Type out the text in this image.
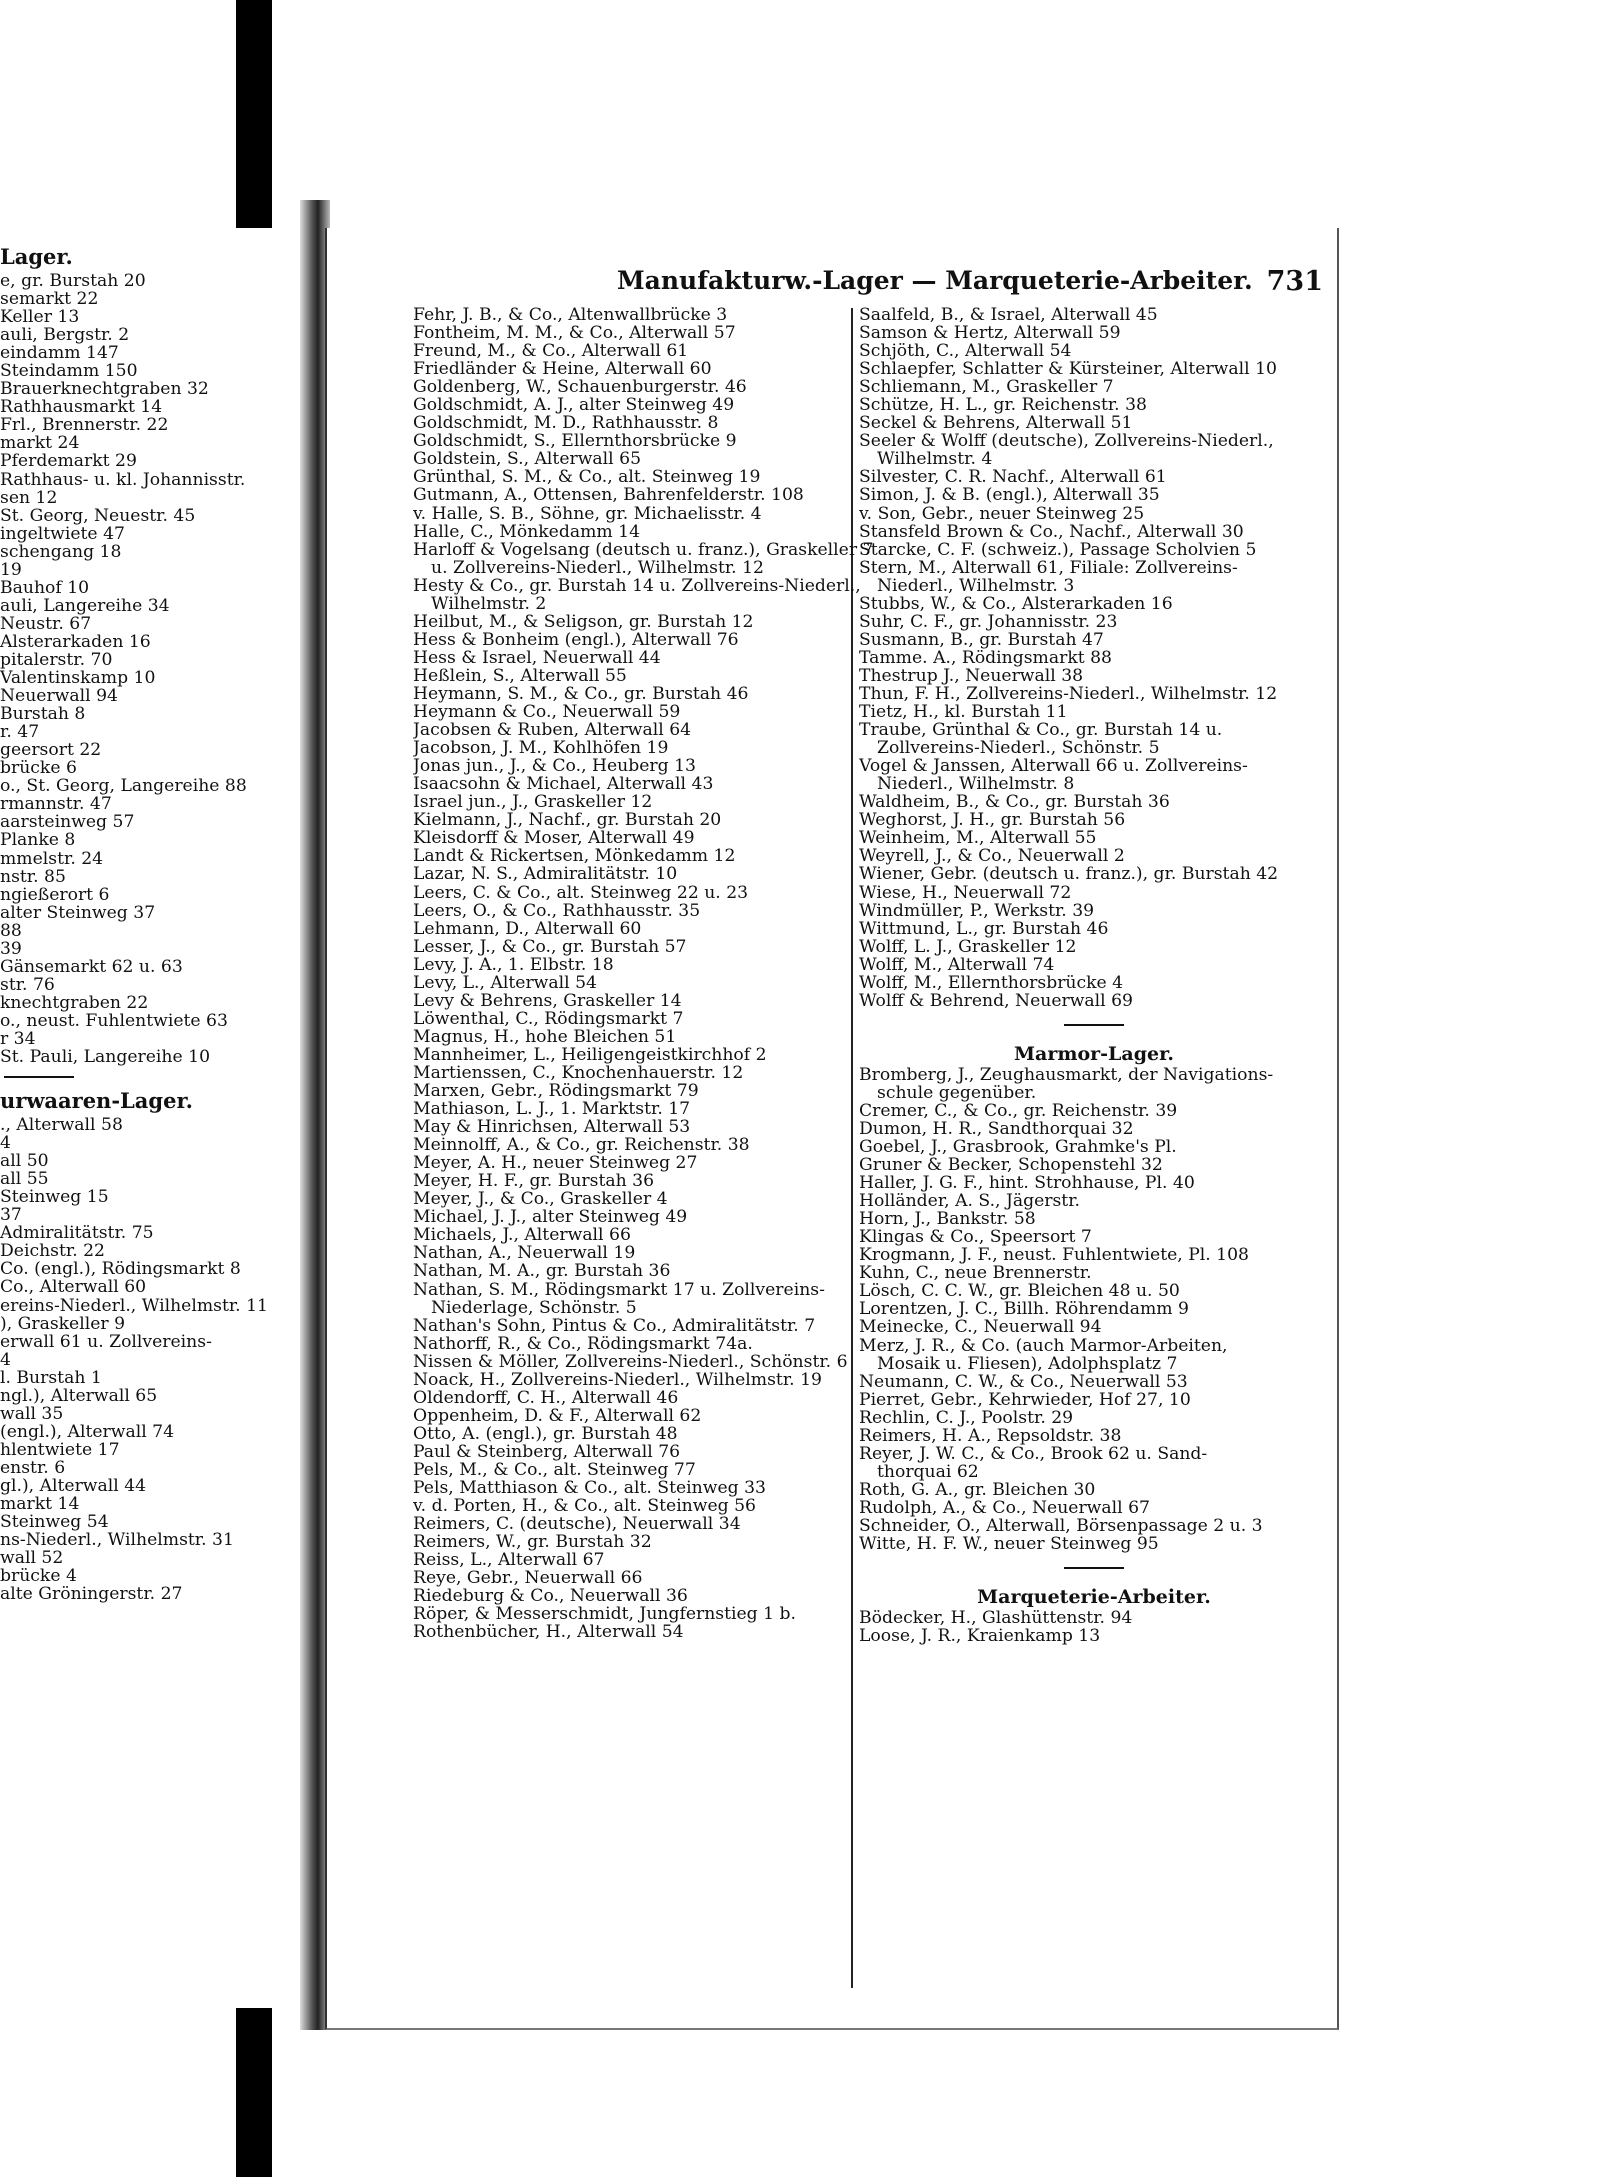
Lager.
e, gr. Burstah 20
semarkt 22
Keller 13
auli, Bergstr. 2
eindamm 147
Steindamm 150
Brauerknechtgraben 32
Rathhausmarkt 14
Frl., Brennerstr. 22
markt 24
Pferdemarkt 29
Rathhaus- u. kl. Johannisstr.
sen 12
St. Georg, Neuestr. 45
ingeltwiete 47
schengang 18
19
Bauhof 10
auli, Langereihe 34
Neustr. 67
Alsterarkaden 16
pitalerstr. 70
Valentinskamp 10
Neuerwall 94
Burstah 8
r. 47
geersort 22
brücke 6
o., St. Georg, Langereihe 88
rmannstr. 47
aarsteinweg 57
Planke 8
mmelstr. 24
nstr. 85
ngießerort 6
alter Steinweg 37
88
39
Gänsemarkt 62 u. 63
str. 76
knechtgraben 22
o., neust. Fuhlentwiete 63
r 34
St. Pauli, Langereihe 10
urwaaren-Lager.
., Alterwall 58
4
all 50
all 55
Steinweg 15
37
Admiralitätstr. 75
Deichstr. 22
Co. (engl.), Rödingsmarkt 8
Co., Alterwall 60
ereins-Niederl., Wilhelmstr. 11
), Graskeller 9
erwall 61 u. Zollvereins-
4
l. Burstah 1
ngl.), Alterwall 65
wall 35
(engl.), Alterwall 74
hlentwiete 17
enstr. 6
gl.), Alterwall 44
markt 14
Steinweg 54
ns-Niederl., Wilhelmstr. 31
wall 52
brücke 4
alte Gröningerstr. 27
Manufakturw.-Lager — Marqueterie-Arbeiter. 731
Fehr, J. B., & Co., Altenwallbrücke 3
Fontheim, M. M., & Co., Alterwall 57
Freund, M., & Co., Alterwall 61
Friedländer & Heine, Alterwall 60
Goldenberg, W., Schauenburgerstr. 46
Goldschmidt, A. J., alter Steinweg 49
Goldschmidt, M. D., Rathhausstr. 8
Goldschmidt, S., Ellernthorsbrücke 9
Goldstein, S., Alterwall 65
Grünthal, S. M., & Co., alt. Steinweg 19
Gutmann, A., Ottensen, Bahrenfelderstr. 108
v. Halle, S. B., Söhne, gr. Michaelisstr. 4
Halle, C., Mönkedamm 14
Harloff & Vogelsang (deutsch u. franz.), Graskeller 7
u. Zollvereins-Niederl., Wilhelmstr. 12
Hesty & Co., gr. Burstah 14 u. Zollvereins-Niederl.,
Wilhelmstr. 2
Heilbut, M., & Seligson, gr. Burstah 12
Hess & Bonheim (engl.), Alterwall 76
Hess & Israel, Neuerwall 44
Heßlein, S., Alterwall 55
Heymann, S. M., & Co., gr. Burstah 46
Heymann & Co., Neuerwall 59
Jacobsen & Ruben, Alterwall 64
Jacobson, J. M., Kohlhöfen 19
Jonas jun., J., & Co., Heuberg 13
Isaacsohn & Michael, Alterwall 43
Israel jun., J., Graskeller 12
Kielmann, J., Nachf., gr. Burstah 20
Kleisdorff & Moser, Alterwall 49
Landt & Rickertsen, Mönkedamm 12
Lazar, N. S., Admiralitätstr. 10
Leers, C. & Co., alt. Steinweg 22 u. 23
Leers, O., & Co., Rathhausstr. 35
Lehmann, D., Alterwall 60
Lesser, J., & Co., gr. Burstah 57
Levy, J. A., 1. Elbstr. 18
Levy, L., Alterwall 54
Levy & Behrens, Graskeller 14
Löwenthal, C., Rödingsmarkt 7
Magnus, H., hohe Bleichen 51
Mannheimer, L., Heiligengeistkirchhof 2
Martienssen, C., Knochenhauerstr. 12
Marxen, Gebr., Rödingsmarkt 79
Mathiason, L. J., 1. Marktstr. 17
May & Hinrichsen, Alterwall 53
Meinnolff, A., & Co., gr. Reichenstr. 38
Meyer, A. H., neuer Steinweg 27
Meyer, H. F., gr. Burstah 36
Meyer, J., & Co., Graskeller 4
Michael, J. J., alter Steinweg 49
Michaels, J., Alterwall 66
Nathan, A., Neuerwall 19
Nathan, M. A., gr. Burstah 36
Nathan, S. M., Rödingsmarkt 17 u. Zollvereins-
Niederlage, Schönstr. 5
Nathan's Sohn, Pintus & Co., Admiralitätstr. 7
Nathorff, R., & Co., Rödingsmarkt 74a.
Nissen & Möller, Zollvereins-Niederl., Schönstr. 6
Noack, H., Zollvereins-Niederl., Wilhelmstr. 19
Oldendorff, C. H., Alterwall 46
Oppenheim, D. & F., Alterwall 62
Otto, A. (engl.), gr. Burstah 48
Paul & Steinberg, Alterwall 76
Pels, M., & Co., alt. Steinweg 77
Pels, Matthiason & Co., alt. Steinweg 33
v. d. Porten, H., & Co., alt. Steinweg 56
Reimers, C. (deutsche), Neuerwall 34
Reimers, W., gr. Burstah 32
Reiss, L., Alterwall 67
Reye, Gebr., Neuerwall 66
Riedeburg & Co., Neuerwall 36
Röper, & Messerschmidt, Jungfernstieg 1 b.
Rothenbücher, H., Alterwall 54
Saalfeld, B., & Israel, Alterwall 45
Samson & Hertz, Alterwall 59
Schjöth, C., Alterwall 54
Schlaepfer, Schlatter & Kürsteiner, Alterwall 10
Schliemann, M., Graskeller 7
Schütze, H. L., gr. Reichenstr. 38
Seckel & Behrens, Alterwall 51
Seeler & Wolff (deutsche), Zollvereins-Niederl.,
Wilhelmstr. 4
Silvester, C. R. Nachf., Alterwall 61
Simon, J. & B. (engl.), Alterwall 35
v. Son, Gebr., neuer Steinweg 25
Stansfeld Brown & Co., Nachf., Alterwall 30
Starcke, C. F. (schweiz.), Passage Scholvien 5
Stern, M., Alterwall 61, Filiale: Zollvereins-
Niederl., Wilhelmstr. 3
Stubbs, W., & Co., Alsterarkaden 16
Suhr, C. F., gr. Johannisstr. 23
Susmann, B., gr. Burstah 47
Tamme. A., Rödingsmarkt 88
Thestrup J., Neuerwall 38
Thun, F. H., Zollvereins-Niederl., Wilhelmstr. 12
Tietz, H., kl. Burstah 11
Traube, Grünthal & Co., gr. Burstah 14 u.
Zollvereins-Niederl., Schönstr. 5
Vogel & Janssen, Alterwall 66 u. Zollvereins-
Niederl., Wilhelmstr. 8
Waldheim, B., & Co., gr. Burstah 36
Weghorst, J. H., gr. Burstah 56
Weinheim, M., Alterwall 55
Weyrell, J., & Co., Neuerwall 2
Wiener, Gebr. (deutsch u. franz.), gr. Burstah 42
Wiese, H., Neuerwall 72
Windmüller, P., Werkstr. 39
Wittmund, L., gr. Burstah 46
Wolff, L. J., Graskeller 12
Wolff, M., Alterwall 74
Wolff, M., Ellernthorsbrücke 4
Wolff & Behrend, Neuerwall 69
Marmor-Lager.
Bromberg, J., Zeughausmarkt, der Navigations-
schule gegenüber.
Cremer, C., & Co., gr. Reichenstr. 39
Dumon, H. R., Sandthorquai 32
Goebel, J., Grasbrook, Grahmke's Pl.
Gruner & Becker, Schopenstehl 32
Haller, J. G. F., hint. Strohhause, Pl. 40
Holländer, A. S., Jägerstr.
Horn, J., Bankstr. 58
Klingas & Co., Speersort 7
Krogmann, J. F., neust. Fuhlentwiete, Pl. 108
Kuhn, C., neue Brennerstr.
Lösch, C. C. W., gr. Bleichen 48 u. 50
Lorentzen, J. C., Billh. Röhrendamm 9
Meinecke, C., Neuerwall 94
Merz, J. R., & Co. (auch Marmor-Arbeiten,
Mosaik u. Fliesen), Adolphsplatz 7
Neumann, C. W., & Co., Neuerwall 53
Pierret, Gebr., Kehrwieder, Hof 27, 10
Rechlin, C. J., Poolstr. 29
Reimers, H. A., Repsoldstr. 38
Reyer, J. W. C., & Co., Brook 62 u. Sand-
thorquai 62
Roth, G. A., gr. Bleichen 30
Rudolph, A., & Co., Neuerwall 67
Schneider, O., Alterwall, Börsenpassage 2 u. 3
Witte, H. F. W., neuer Steinweg 95
Marqueterie-Arbeiter.
Bödecker, H., Glashüttenstr. 94
Loose, J. R., Kraienkamp 13
